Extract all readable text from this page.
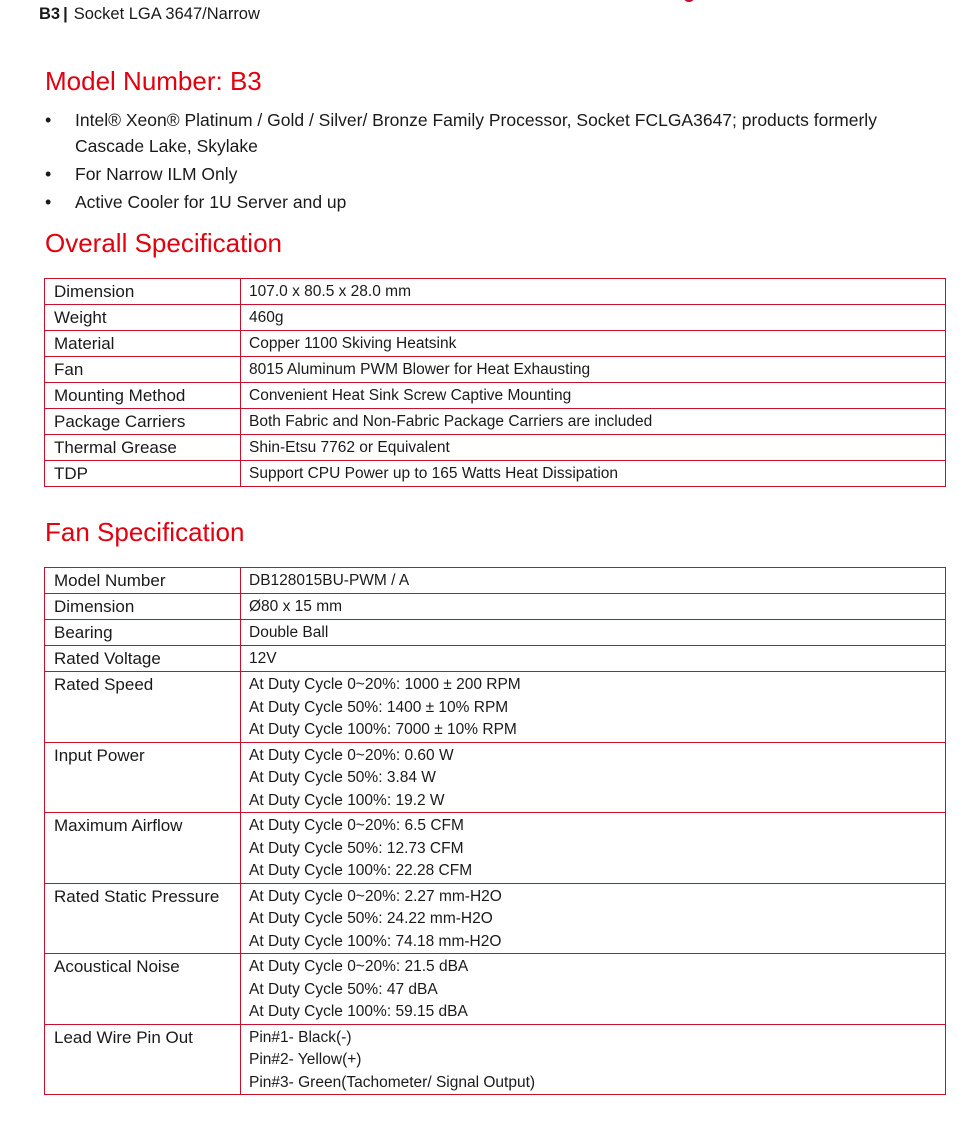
B3 | Socket LGA 3647/Narrow
Model Number: B3
• Intel® Xeon® Platinum / Gold / Silver/ Bronze Family Processor, Socket FCLGA3647; products formerly Cascade Lake, Skylake
• For Narrow ILM Only
• Active Cooler for 1U Server and up
Overall Specification
Dimension	107.0 x 80.5 x 28.0 mm
Weight	460g
Material	Copper 1100 Skiving Heatsink
Fan	8015 Aluminum PWM Blower for Heat Exhausting
Mounting Method	Convenient Heat Sink Screw Captive Mounting
Package Carriers	Both Fabric and Non-Fabric Package Carriers are included
Thermal Grease	Shin-Etsu 7762 or Equivalent
TDP	Support CPU Power up to 165 Watts Heat Dissipation
Fan Specification
Model Number	DB128015BU-PWM / A
Dimension	Ø80 x 15 mm
Bearing	Double Ball
Rated Voltage	12V
Rated Speed	At Duty Cycle 0~20%: 1000 ± 200 RPM
At Duty Cycle 50%: 1400 ± 10% RPM
At Duty Cycle 100%: 7000 ± 10% RPM

Input Power	At Duty Cycle 0~20%: 0.60 W
At Duty Cycle 50%: 3.84 W
At Duty Cycle 100%: 19.2 W

Maximum Airflow	At Duty Cycle 0~20%: 6.5 CFM
At Duty Cycle 50%: 12.73 CFM
At Duty Cycle 100%: 22.28 CFM

Rated Static Pressure	At Duty Cycle 0~20%: 2.27 mm-H2O
At Duty Cycle 50%: 24.22 mm-H2O
At Duty Cycle 100%: 74.18 mm-H2O

Acoustical Noise	At Duty Cycle 0~20%: 21.5 dBA
At Duty Cycle 50%: 47 dBA
At Duty Cycle 100%: 59.15 dBA

Lead Wire Pin Out	Pin#1- Black(-)
Pin#2- Yellow(+)
Pin#3- Green(Tachometer/ Signal Output)
